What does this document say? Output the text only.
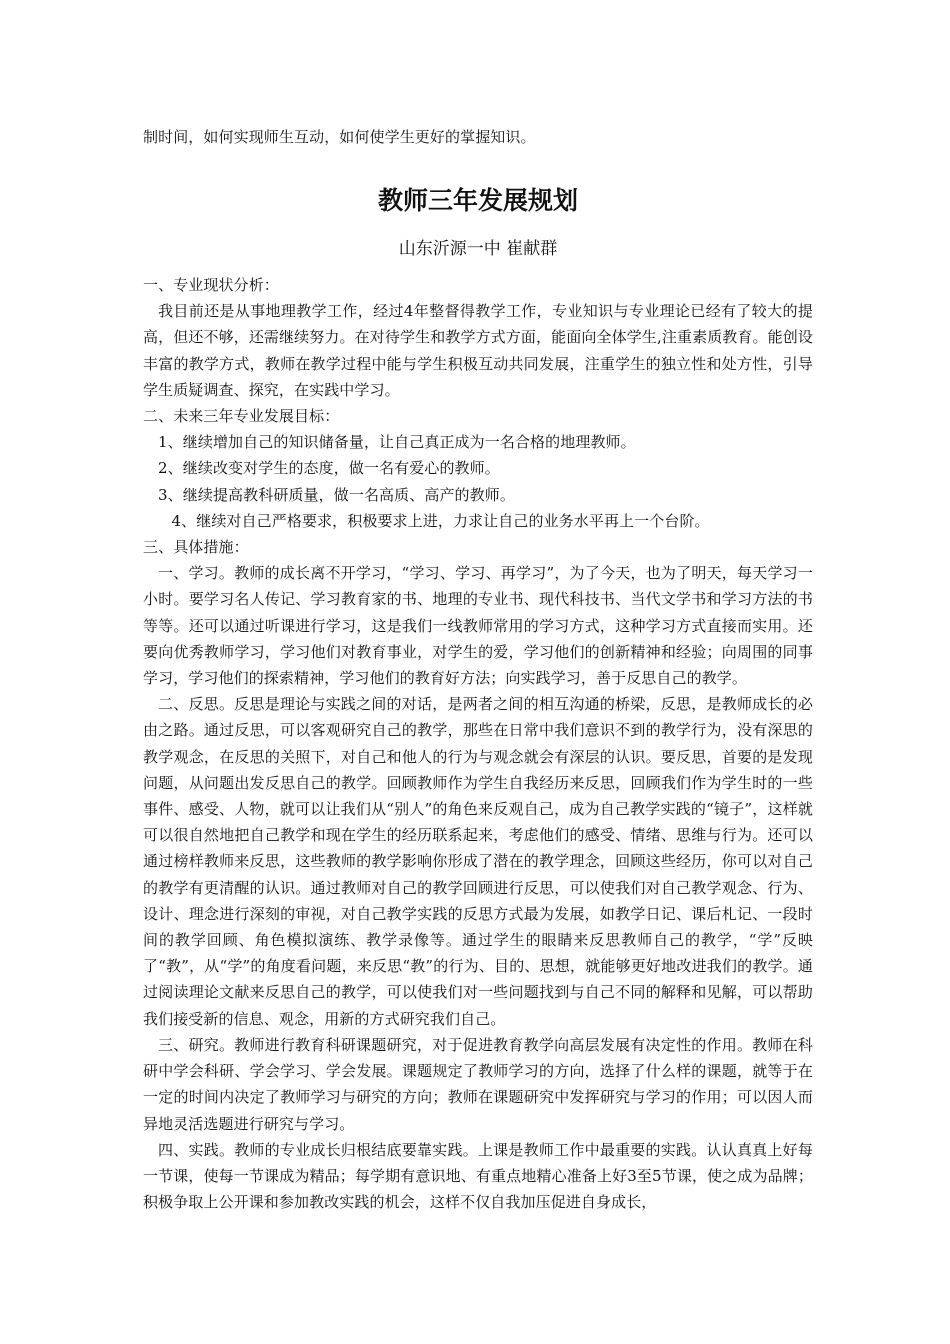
制时间，如何实现师生互动，如何使学生更好的掌握知识。

教师三年发展规划

山东沂源一中 崔献群

一、专业现状分析：

我目前还是从事地理教学工作，经过4年整督得教学工作，专业知识与专业理论已经有了较大的提高，但还不够，还需继续努力。在对待学生和教学方式方面，能面向全体学生,注重素质教育。能创设丰富的教学方式，教师在教学过程中能与学生积极互动共同发展，注重学生的独立性和处方性，引导学生质疑调查、探究，在实践中学习。

二、未来三年专业发展目标：

1、继续增加自己的知识储备量，让自己真正成为一名合格的地理教师。

2、继续改变对学生的态度，做一名有爱心的教师。

3、继续提高教科研质量，做一名高质、高产的教师。

4、继续对自己严格要求，积极要求上进，力求让自己的业务水平再上一个台阶。

三、具体措施：

一、学习。教师的成长离不开学习，“学习、学习、再学习”，为了今天，也为了明天，每天学习一小时。要学习名人传记、学习教育家的书、地理的专业书、现代科技书、当代文学书和学习方法的书等等。还可以通过听课进行学习，这是我们一线教师常用的学习方式，这种学习方式直接而实用。还要向优秀教师学习，学习他们对教育事业，对学生的爱，学习他们的创新精神和经验；向周围的同事学习，学习他们的探索精神，学习他们的教育好方法；向实践学习，善于反思自己的教学。

二、反思。反思是理论与实践之间的对话，是两者之间的相互沟通的桥梁，反思，是教师成长的必由之路。通过反思，可以客观研究自己的教学，那些在日常中我们意识不到的教学行为，没有深思的教学观念，在反思的关照下，对自己和他人的行为与观念就会有深层的认识。要反思，首要的是发现问题，从问题出发反思自己的教学。回顾教师作为学生自我经历来反思，回顾我们作为学生时的一些事件、感受、人物，就可以让我们从“别人”的角色来反观自己，成为自己教学实践的“镜子”，这样就可以很自然地把自己教学和现在学生的经历联系起来，考虑他们的感受、情绪、思维与行为。还可以通过榜样教师来反思，这些教师的教学影响你形成了潜在的教学理念，回顾这些经历，你可以对自己的教学有更清醒的认识。通过教师对自己的教学回顾进行反思，可以使我们对自己教学观念、行为、设计、理念进行深刻的审视，对自己教学实践的反思方式最为发展，如教学日记、课后札记、一段时间的教学回顾、角色模拟演练、教学录像等。通过学生的眼睛来反思教师自己的教学，“学”反映了“教”，从“学”的角度看问题，来反思“教”的行为、目的、思想，就能够更好地改进我们的教学。通过阅读理论文献来反思自己的教学，可以使我们对一些问题找到与自己不同的解释和见解，可以帮助我们接受新的信息、观念，用新的方式研究我们自己。

三、研究。教师进行教育科研课题研究，对于促进教育教学向高层发展有决定性的作用。教师在科研中学会科研、学会学习、学会发展。课题规定了教师学习的方向，选择了什么样的课题，就等于在一定的时间内决定了教师学习与研究的方向；教师在课题研究中发挥研究与学习的作用；可以因人而异地灵活选题进行研究与学习。

四、实践。教师的专业成长归根结底要靠实践。上课是教师工作中最重要的实践。认认真真上好每一节课，使每一节课成为精品；每学期有意识地、有重点地精心准备上好3至5节课，使之成为品牌；积极争取上公开课和参加教改实践的机会，这样不仅自我加压促进自身成长，
